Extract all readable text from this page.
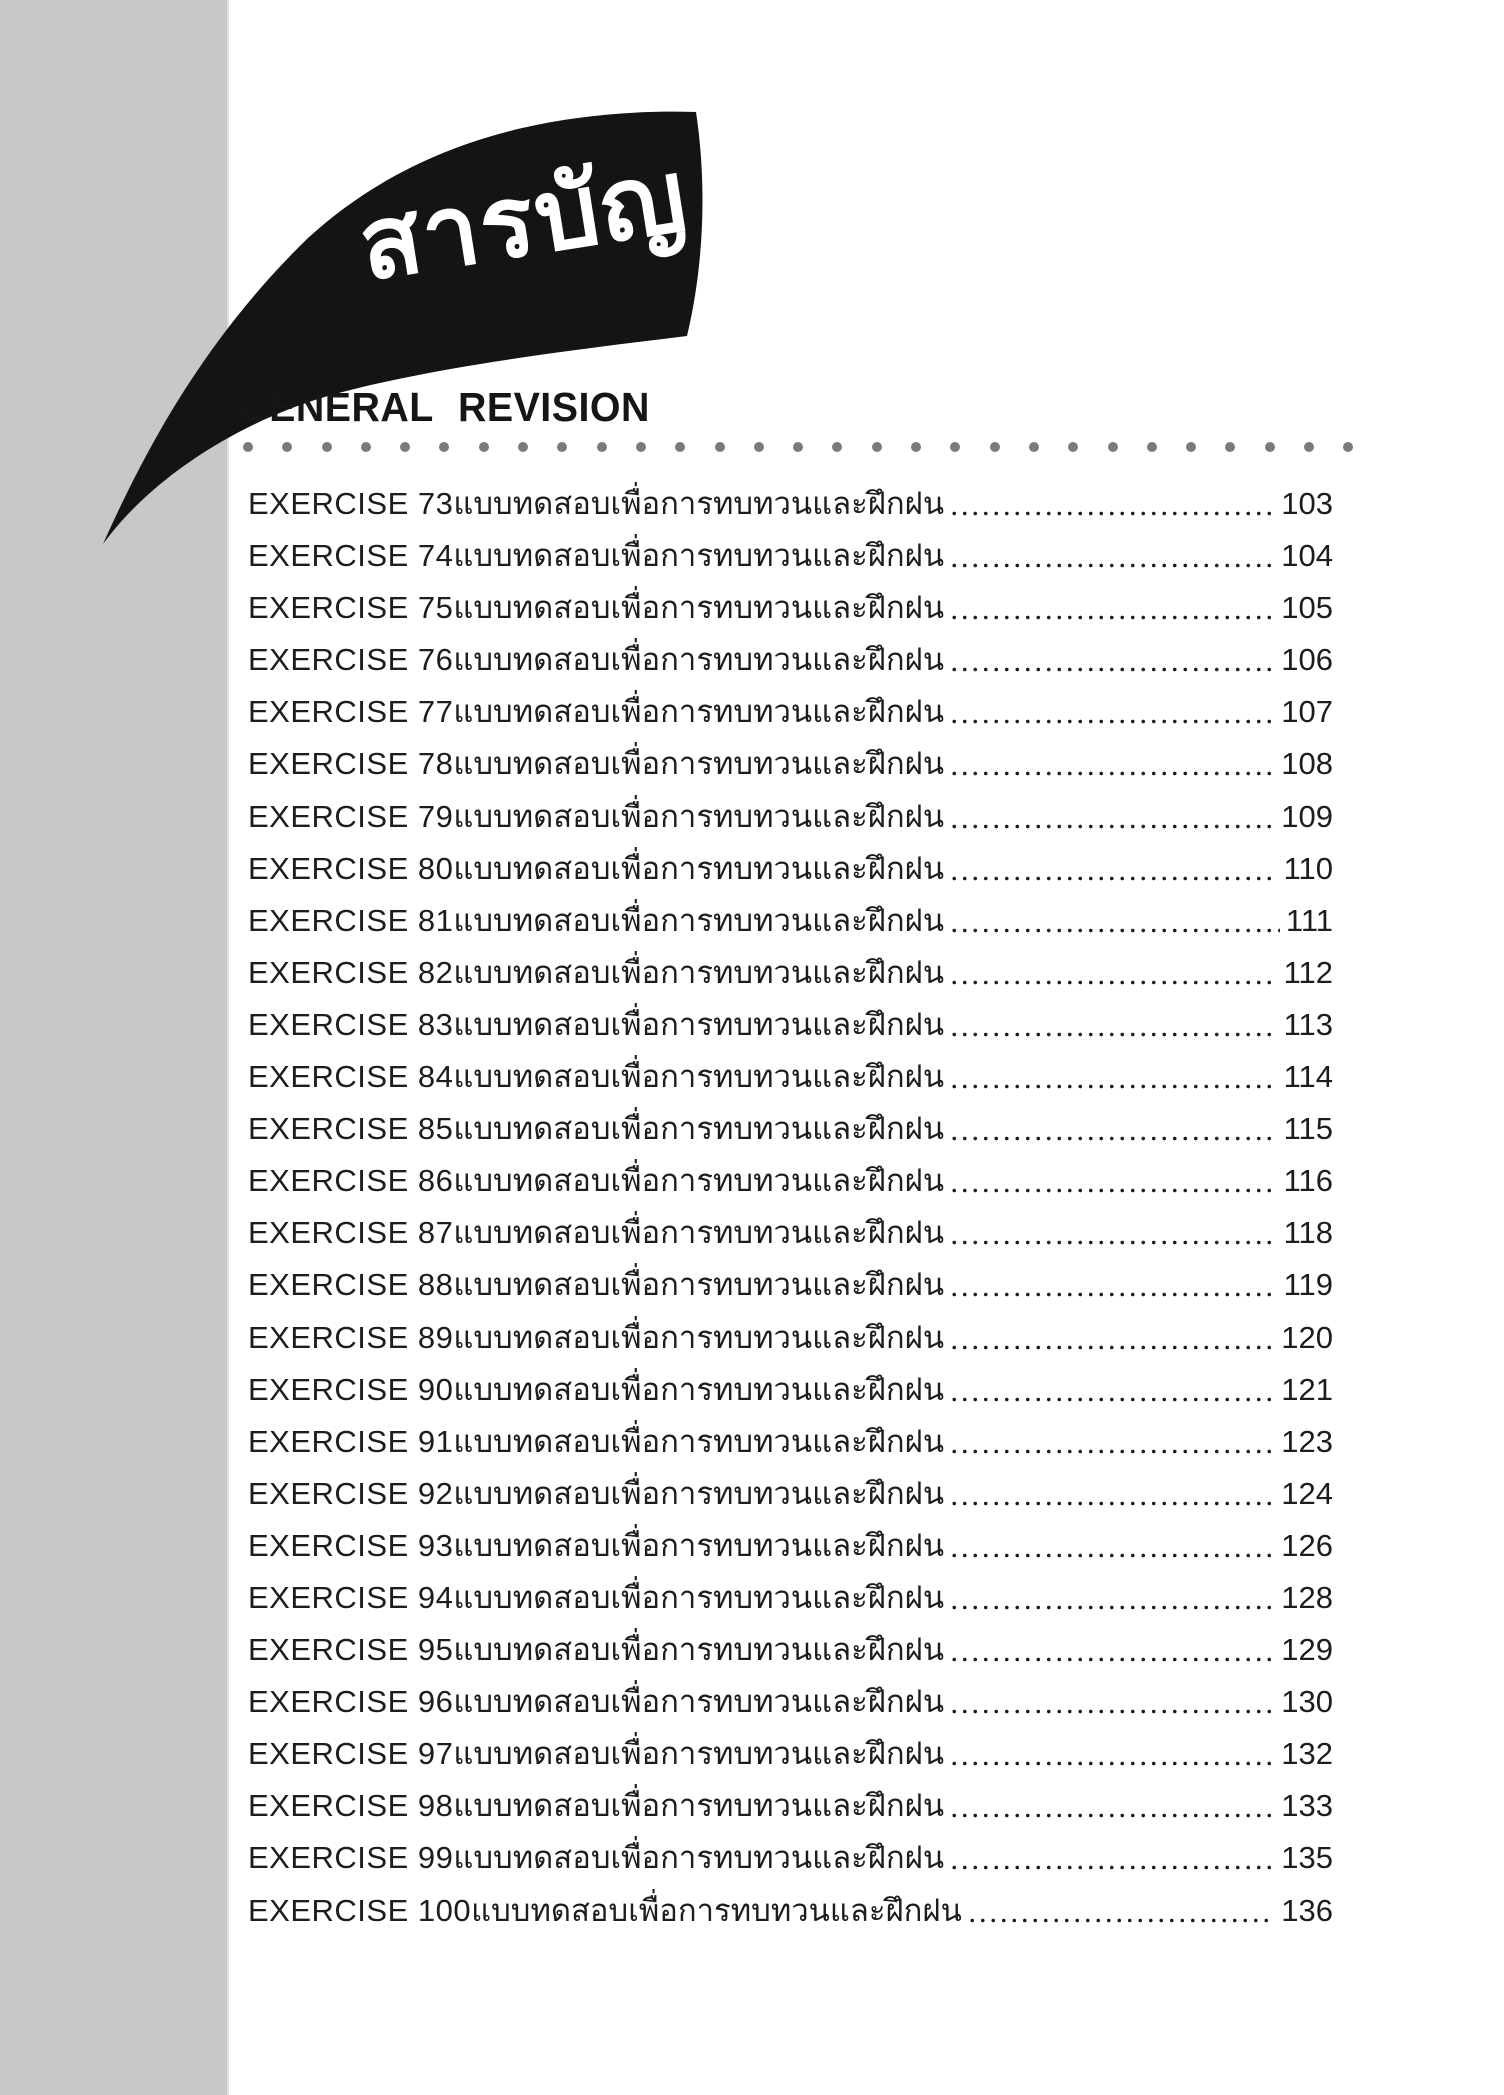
สารบัญ
GENERAL REVISION
EXERCISE 73 แบบทดสอบเพื่อการทบทวนและฝึกฝน	103
EXERCISE 74 แบบทดสอบเพื่อการทบทวนและฝึกฝน	104
EXERCISE 75 แบบทดสอบเพื่อการทบทวนและฝึกฝน	105
EXERCISE 76 แบบทดสอบเพื่อการทบทวนและฝึกฝน	106
EXERCISE 77 แบบทดสอบเพื่อการทบทวนและฝึกฝน	107
EXERCISE 78 แบบทดสอบเพื่อการทบทวนและฝึกฝน	108
EXERCISE 79 แบบทดสอบเพื่อการทบทวนและฝึกฝน	109
EXERCISE 80 แบบทดสอบเพื่อการทบทวนและฝึกฝน	110
EXERCISE 81 แบบทดสอบเพื่อการทบทวนและฝึกฝน	111
EXERCISE 82 แบบทดสอบเพื่อการทบทวนและฝึกฝน	112
EXERCISE 83 แบบทดสอบเพื่อการทบทวนและฝึกฝน	113
EXERCISE 84 แบบทดสอบเพื่อการทบทวนและฝึกฝน	114
EXERCISE 85 แบบทดสอบเพื่อการทบทวนและฝึกฝน	115
EXERCISE 86 แบบทดสอบเพื่อการทบทวนและฝึกฝน	116
EXERCISE 87 แบบทดสอบเพื่อการทบทวนและฝึกฝน	118
EXERCISE 88 แบบทดสอบเพื่อการทบทวนและฝึกฝน	119
EXERCISE 89 แบบทดสอบเพื่อการทบทวนและฝึกฝน	120
EXERCISE 90 แบบทดสอบเพื่อการทบทวนและฝึกฝน	121
EXERCISE 91 แบบทดสอบเพื่อการทบทวนและฝึกฝน	123
EXERCISE 92 แบบทดสอบเพื่อการทบทวนและฝึกฝน	124
EXERCISE 93 แบบทดสอบเพื่อการทบทวนและฝึกฝน	126
EXERCISE 94 แบบทดสอบเพื่อการทบทวนและฝึกฝน	128
EXERCISE 95 แบบทดสอบเพื่อการทบทวนและฝึกฝน	129
EXERCISE 96 แบบทดสอบเพื่อการทบทวนและฝึกฝน	130
EXERCISE 97 แบบทดสอบเพื่อการทบทวนและฝึกฝน	132
EXERCISE 98 แบบทดสอบเพื่อการทบทวนและฝึกฝน	133
EXERCISE 99 แบบทดสอบเพื่อการทบทวนและฝึกฝน	135
EXERCISE 100 แบบทดสอบเพื่อการทบทวนและฝึกฝน	136
